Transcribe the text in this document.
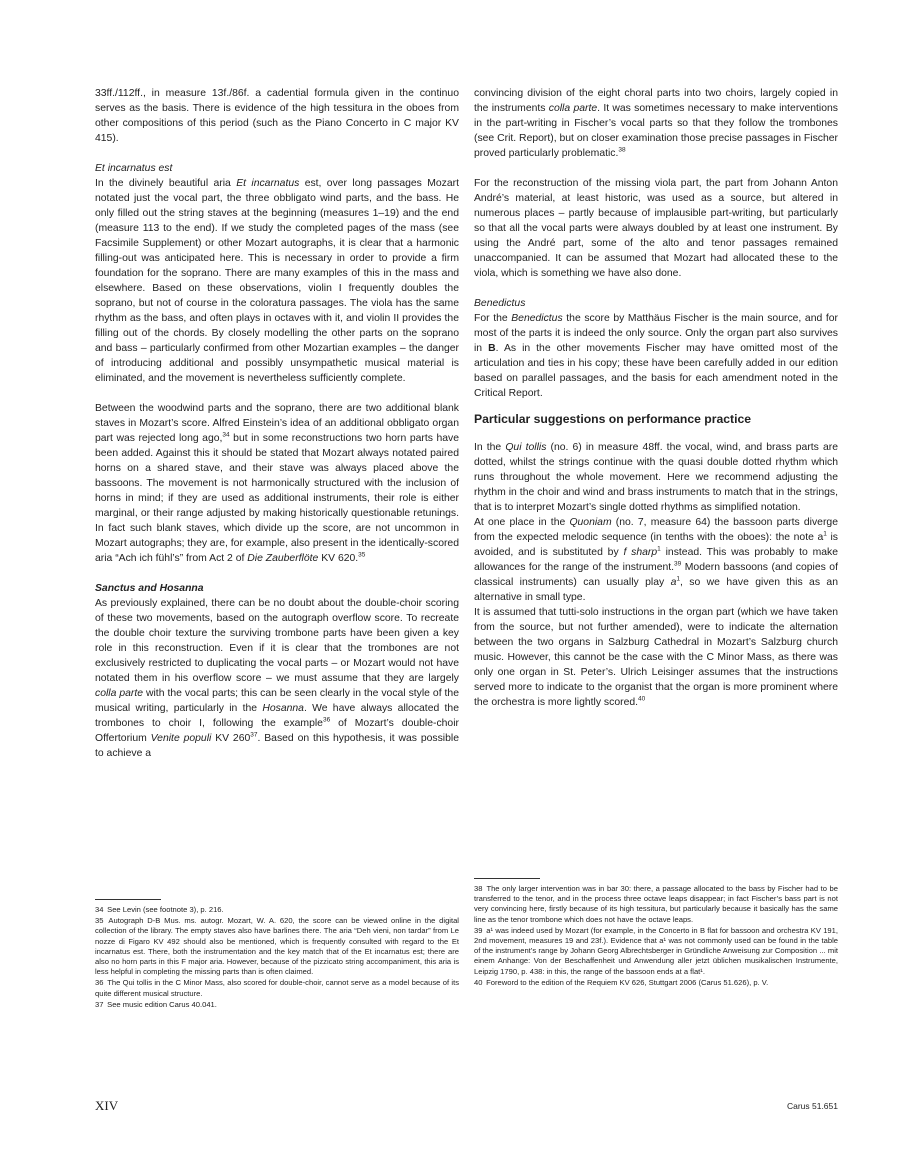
33ff./112ff., in measure 13f./86f. a cadential formula given in the continuo serves as the basis. There is evidence of the high tessitura in the oboes from other compositions of this period (such as the Piano Concerto in C major KV 415).

Et incarnatus est

In the divinely beautiful aria Et incarnatus est, over long passages Mozart notated just the vocal part, the three obbligato wind parts, and the bass. He only filled out the string staves at the beginning (measures 1–19) and the end (measure 113 to the end). If we study the completed pages of the mass (see Facsimile Supplement) or other Mozart autographs, it is clear that a harmonic filling-out was anticipated here. This is necessary in order to provide a firm foundation for the soprano. There are many examples of this in the mass and elsewhere. Based on these observations, violin I frequently doubles the soprano, but not of course in the coloratura passages. The viola has the same rhythm as the bass, and often plays in octaves with it, and violin II provides the filling out of the chords. By closely modelling the other parts on the soprano and bass – particularly confirmed from other Mozartian examples – the danger of introducing additional and possibly unsympathetic musical material is eliminated, and the movement is nevertheless sufficiently complete.

Between the woodwind parts and the soprano, there are two additional blank staves in Mozart’s score. Alfred Einstein’s idea of an additional obbligato organ part was rejected long ago,$^{34}$ but in some reconstructions two horn parts have been added. Against this it should be stated that Mozart always notated paired horns on a shared stave, and their stave was always placed above the bassoons. The movement is not harmonically structured with the inclusion of horns in mind; if they are used as additional instruments, their role is either marginal, or their range adjusted by making historically questionable retunings. In fact such blank staves, which divide up the score, are not uncommon in Mozart autographs; they are, for example, also present in the identically-scored aria “Ach ich fühl’s” from Act 2 of Die Zauberflöte KV 620.35

Sanctus and Hosanna

As previously explained, there can be no doubt about the double-choir scoring of these two movements, based on the autograph overflow score. To recreate the double choir texture the surviving trombone parts have been given a key role in this reconstruction. Even if it is clear that the trombones are not exclusively restricted to duplicating the vocal parts – or Mozart would not have notated them in his overflow score – we must assume that they are largely colla parte with the vocal parts; this can be seen clearly in the vocal style of the musical writing, particularly in the Hosanna. We have always allocated the trombones to choir I, following the example$^{36}$ of Mozart’s double-choir Offertorium Venite populi KV $260^{37}$. Based on this hypothesis, it was possible to achieve a

34 See Levin (see footnote 3), p. 216.
35 Autograph D-B Mus. ms. autogr. Mozart, W. A. 620, the score can be viewed online in the digital collection of the library. The empty staves also have barlines there. The aria “Deh vieni, non tardar” from Le nozze di Figaro KV 492 should also be mentioned, which is frequently consulted with regard to the Et incarnatus est. There, both the instrumentation and the key match that of the Et incarnatus est; there are also no horn parts in this F major aria. However, because of the pizzicato string accompaniment, this aria is less helpful in completing the missing parts than is often claimed.
36 The Qui tollis in the C Minor Mass, also scored for double-choir, cannot serve as a model because of its quite different musical structure.
37 See music edition Carus 40.041.

convincing division of the eight choral parts into two choirs, largely copied in the instruments colla parte. It was sometimes necessary to make interventions in the part-writing in Fischer’s vocal parts so that they follow the trombones (see Crit. Report), but on closer examination those precise passages in Fischer proved particularly problematic.$^{38}$

For the reconstruction of the missing viola part, the part from Johann Anton André’s material, at least historic, was used as a source, but altered in numerous places – partly because of implausible part-writing, but particularly so that all the vocal parts were always doubled by at least one instrument. By using the André part, some of the alto and tenor passages remained unaccompanied. It can be assumed that Mozart had allocated these to the viola, which is something we have also done.

Benedictus

For the Benedictus the score by Matthäus Fischer is the main source, and for most of the parts it is indeed the only source. Only the organ part also survives in B. As in the other movements Fischer may have omitted most of the articulation and ties in his copy; these have been carefully added in our edition based on parallel passages, and the basis for each amendment noted in the Critical Report.

Particular suggestions on performance practice

In the Qui tollis (no. 6) in measure 48ff. the vocal, wind, and brass parts are dotted, whilst the strings continue with the quasi double dotted rhythm which runs throughout the whole movement. Here we recommend adjusting the rhythm in the choir and wind and brass instruments to match that in the strings, that is to interpret Mozart’s single dotted rhythms as simplified notation.

At one place in the Quoniam (no. 7, measure 64) the bassoon parts diverge from the expected melodic sequence (in tenths with the oboes): the note $a^1$ is avoided, and is substituted by f sharp$^1$ instead. This was probably to make allowances for the range of the instrument.$^{39}$ Modern bassoons (and copies of classical instruments) can usually play $a^1$, so we have given this as an alternative in small type.

It is assumed that tutti-solo instructions in the organ part (which we have taken from the source, but not further amended), were to indicate the alternation between the two organs in Salzburg Cathedral in Mozart’s Salzburg church music. However, this cannot be the case with the C Minor Mass, as there was only one organ in St. Peter’s. Ulrich Leisinger assumes that the instructions served more to indicate to the organist that the organ is more prominent where the orchestra is more lightly scored.$^{40}$

38 The only larger intervention was in bar 30: there, a passage allocated to the bass by Fischer had to be transferred to the tenor, and in the process three octave leaps disappear; in fact Fischer’s bass part is not very convincing here, firstly because of its high tessitura, but particularly because it basically has the same line as the tenor trombone which does not have the octave leaps.
39 a¹ was indeed used by Mozart (for example, in the Concerto in B flat for bassoon and orchestra KV 191, 2nd movement, measures 19 and 23f.). Evidence that a¹ was not commonly used can be found in the table of the instrument’s range by Johann Georg Albrechtsberger in Gründliche Anweisung zur Composition ... mit einem Anhange: Von der Beschaffenheit und Anwendung aller jetzt üblichen musikalischen Instrumente, Leipzig 1790, p. 438: in this, the range of the bassoon ends at a flat¹.
40 Foreword to the edition of the Requiem KV 626, Stuttgart 2006 (Carus 51.626), p. V.
XIV	Carus 51.651
